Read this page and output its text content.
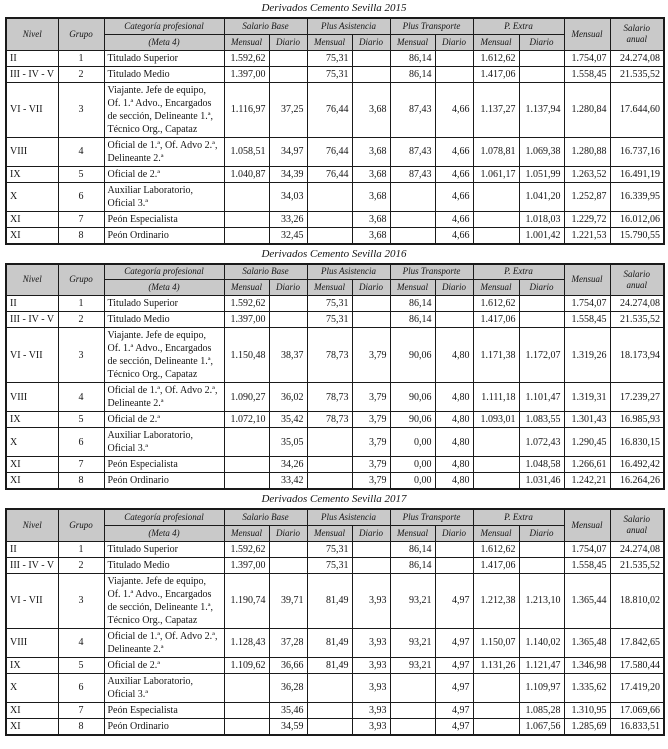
Derivados Cemento Sevilla 2015
Nivel	Grupo	Categoría profesional	Salario Base		Plus Asistencia		Plus Transporte		P. Extra		Mensual	Salario anual
		(Meta 4)	Mensual	Diario	Mensual	Diario	Mensual	Diario	Mensual	Diario		
II	1	Titulado Superior	1.592,62		75,31		86,14		1.612,62		1.754,07	24.274,08
III - IV - V	2	Titulado Medio	1.397,00		75,31		86,14		1.417,06		1.558,45	21.535,52
VI - VII	3	Viajante. Jefe de equipo, Of. 1.ª Advo., Encargados de sección, Delineante 1.ª, Técnico Org., Capataz	1.116,97	37,25	76,44	3,68	87,43	4,66	1.137,27	1.137,94	1.280,84	17.644,60
VIII	4	Oficial de 1.ª, Of. Advo 2.ª, Delineante 2.ª	1.058,51	34,97	76,44	3,68	87,43	4,66	1.078,81	1.069,38	1.280,88	16.737,16
IX	5	Oficial de 2.ª	1.040,87	34,39	76,44	3,68	87,43	4,66	1.061,17	1.051,99	1.263,52	16.491,19
X	6	Auxiliar Laboratorio, Oficial 3.ª		34,03		3,68		4,66		1.041,20	1.252,87	16.339,95
XI	7	Peón Especialista		33,26		3,68		4,66		1.018,03	1.229,72	16.012,06
XI	8	Peón Ordinario		32,45		3,68		4,66		1.001,42	1.221,53	15.790,55
Derivados Cemento Sevilla 2016
Nivel	Grupo	Categoría profesional	Salario Base		Plus Asistencia		Plus Transporte		P. Extra		Mensual	Salario anual
		(Meta 4)	Mensual	Diario	Mensual	Diario	Mensual	Diario	Mensual	Diario		
II	1	Titulado Superior	1.592,62		75,31		86,14		1.612,62		1.754,07	24.274,08
III - IV - V	2	Titulado Medio	1.397,00		75,31		86,14		1.417,06		1.558,45	21.535,52
VI - VII	3	Viajante. Jefe de equipo, Of. 1.ª Advo., Encargados de sección, Delineante 1.ª, Técnico Org., Capataz	1.150,48	38,37	78,73	3,79	90,06	4,80	1.171,38	1.172,07	1.319,26	18.173,94
VIII	4	Oficial de 1.ª, Of. Advo 2.ª, Delineante 2.ª	1.090,27	36,02	78,73	3,79	90,06	4,80	1.111,18	1.101,47	1.319,31	17.239,27
IX	5	Oficial de 2.ª	1.072,10	35,42	78,73	3,79	90,06	4,80	1.093,01	1.083,55	1.301,43	16.985,93
X	6	Auxiliar Laboratorio, Oficial 3.ª		35,05		3,79	0,00	4,80		1.072,43	1.290,45	16.830,15
XI	7	Peón Especialista		34,26		3,79	0,00	4,80		1.048,58	1.266,61	16.492,42
XI	8	Peón Ordinario		33,42		3,79	0,00	4,80		1.031,46	1.242,21	16.264,26
Derivados Cemento Sevilla 2017
Nivel	Grupo	Categoría profesional	Salario Base		Plus Asistencia		Plus Transporte		P. Extra		Mensual	Salario anual
		(Meta 4)	Mensual	Diario	Mensual	Diario	Mensual	Diario	Mensual	Diario		
II	1	Titulado Superior	1.592,62		75,31		86,14		1.612,62		1.754,07	24.274,08
III - IV - V	2	Titulado Medio	1.397,00		75,31		86,14		1.417,06		1.558,45	21.535,52
VI - VII	3	Viajante. Jefe de equipo, Of. 1.ª Advo., Encargados de sección, Delineante 1.ª, Técnico Org., Capataz	1.190,74	39,71	81,49	3,93	93,21	4,97	1.212,38	1.213,10	1.365,44	18.810,02
VIII	4	Oficial de 1.ª, Of. Advo 2.ª, Delineante 2.ª	1.128,43	37,28	81,49	3,93	93,21	4,97	1.150,07	1.140,02	1.365,48	17.842,65
IX	5	Oficial de 2.ª	1.109,62	36,66	81,49	3,93	93,21	4,97	1.131,26	1.121,47	1.346,98	17.580,44
X	6	Auxiliar Laboratorio, Oficial 3.ª		36,28		3,93		4,97		1.109,97	1.335,62	17.419,20
XI	7	Peón Especialista		35,46		3,93		4,97		1.085,28	1.310,95	17.069,66
XI	8	Peón Ordinario		34,59		3,93		4,97		1.067,56	1.285,69	16.833,51
